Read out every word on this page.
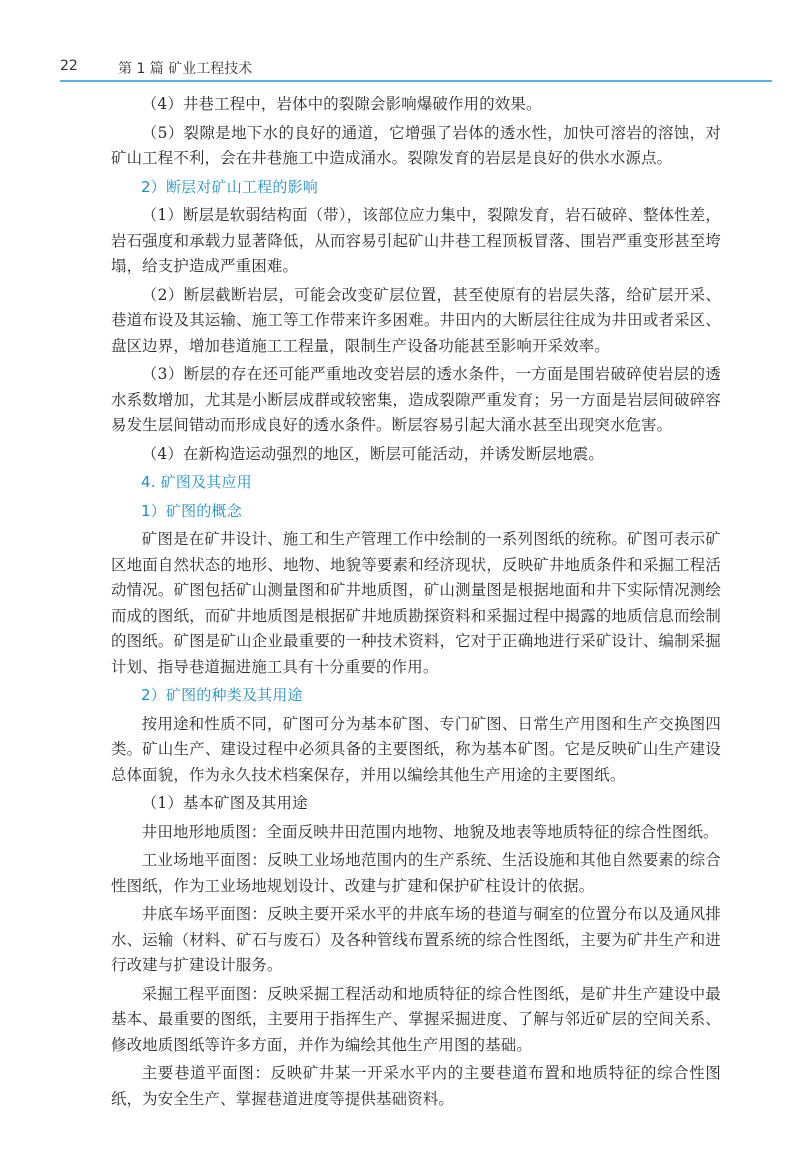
22	第 1 篇 矿业工程技术

（4）井巷工程中，岩体中的裂隙会影响爆破作用的效果。

（5）裂隙是地下水的良好的通道，它增强了岩体的透水性，加快可溶岩的溶蚀，对矿山工程不利，会在井巷施工中造成涌水。裂隙发育的岩层是良好的供水水源点。

2）断层对矿山工程的影响

（1）断层是软弱结构面（带），该部位应力集中，裂隙发育，岩石破碎、整体性差，岩石强度和承载力显著降低，从而容易引起矿山井巷工程顶板冒落、围岩严重变形甚至垮塌，给支护造成严重困难。

（2）断层截断岩层，可能会改变矿层位置，甚至使原有的岩层失落，给矿层开采、巷道布设及其运输、施工等工作带来许多困难。井田内的大断层往往成为井田或者采区、盘区边界，增加巷道施工工程量，限制生产设备功能甚至影响开采效率。

（3）断层的存在还可能严重地改变岩层的透水条件，一方面是围岩破碎使岩层的透水系数增加，尤其是小断层成群或较密集，造成裂隙严重发育；另一方面是岩层间破碎容易发生层间错动而形成良好的透水条件。断层容易引起大涌水甚至出现突水危害。

（4）在新构造运动强烈的地区，断层可能活动，并诱发断层地震。

4. 矿图及其应用
1）矿图的概念

矿图是在矿井设计、施工和生产管理工作中绘制的一系列图纸的统称。矿图可表示矿区地面自然状态的地形、地物、地貌等要素和经济现状，反映矿井地质条件和采掘工程活动情况。矿图包括矿山测量图和矿井地质图，矿山测量图是根据地面和井下实际情况测绘而成的图纸，而矿井地质图是根据矿井地质勘探资料和采掘过程中揭露的地质信息而绘制的图纸。矿图是矿山企业最重要的一种技术资料，它对于正确地进行采矿设计、编制采掘计划、指导巷道掘进施工具有十分重要的作用。

2）矿图的种类及其用途

按用途和性质不同，矿图可分为基本矿图、专门矿图、日常生产用图和生产交换图四类。矿山生产、建设过程中必须具备的主要图纸，称为基本矿图。它是反映矿山生产建设总体面貌，作为永久技术档案保存，并用以编绘其他生产用途的主要图纸。

（1）基本矿图及其用途

井田地形地质图：全面反映井田范围内地物、地貌及地表等地质特征的综合性图纸。

工业场地平面图：反映工业场地范围内的生产系统、生活设施和其他自然要素的综合性图纸，作为工业场地规划设计、改建与扩建和保护矿柱设计的依据。

井底车场平面图：反映主要开采水平的井底车场的巷道与硐室的位置分布以及通风排水、运输（材料、矿石与废石）及各种管线布置系统的综合性图纸，主要为矿井生产和进行改建与扩建设计服务。

采掘工程平面图：反映采掘工程活动和地质特征的综合性图纸，是矿井生产建设中最基本、最重要的图纸，主要用于指挥生产、掌握采掘进度、了解与邻近矿层的空间关系、修改地质图纸等许多方面，并作为编绘其他生产用图的基础。

主要巷道平面图：反映矿井某一开采水平内的主要巷道布置和地质特征的综合性图纸，为安全生产、掌握巷道进度等提供基础资料。
